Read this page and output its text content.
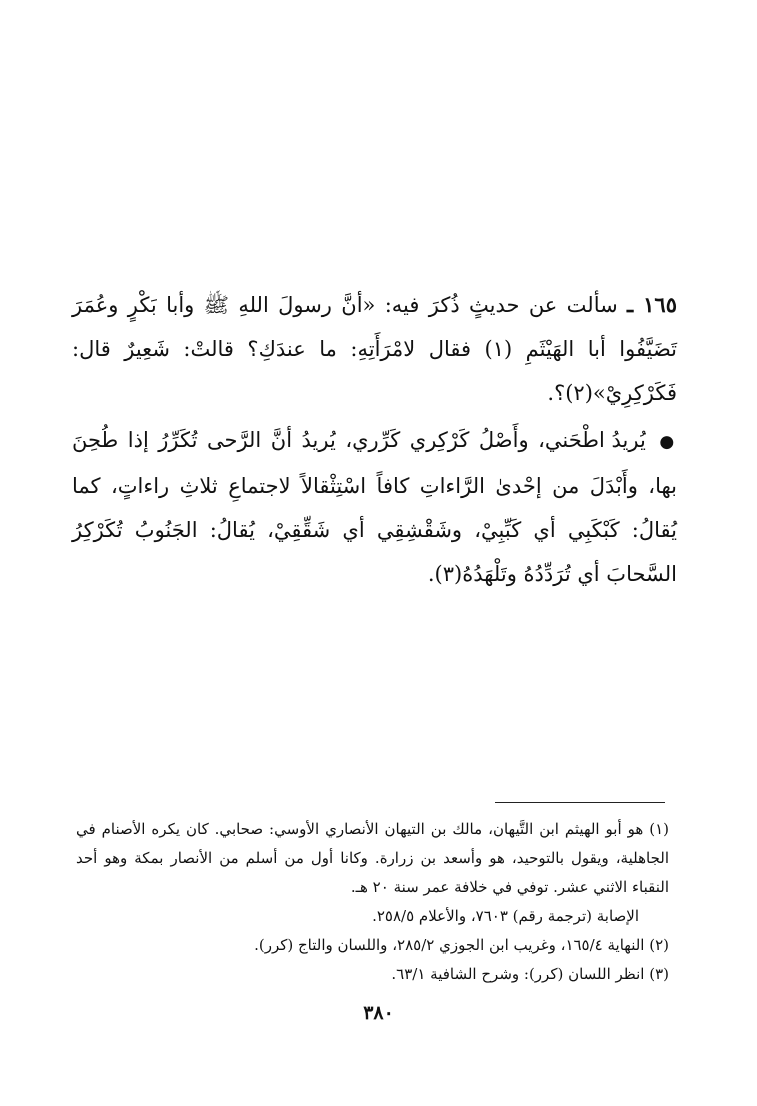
١٦٥ ـ سألت عن حديثٍ ذُكرَ فيه: «أنَّ رسولَ اللهِ ﷺ وأبا بَكْرٍ وعُمَرَ تَضَيَّفُوا أبا الهَيْثَمِ (١) فقال لامْرَأَتِهِ: ما عندَكِ؟ قالتْ: شَعِيرٌ قال: فَكَرْكِرِيْ»(٢)؟.
● يُريدُ اطْحَني، وأَصْلُ كَرْكِري كَرِّري، يُريدُ أنَّ الرَّحى تُكَرِّرُ إذا طُحِنَ بها، وأَبْدَلَ من إحْدىٰ الرَّاءاتِ كافاً اسْتِثْقالاً لاجتماعِ ثلاثِ راءاتٍ، كما يُقالُ: كَبْكَبِي أي كَبِّبِيْ، وشَقْشِقِي أي شَقِّقِيْ، يُقالُ: الجَنُوبُ تُكَرْكِرُ السَّحابَ أي تُرَدِّدُهُ وتَلْهَدُهُ(٣).

(١) هو أبو الهيثم ابن التَّيهان، مالك بن التيهان الأنصاري الأوسي: صحابي. كان يكره الأصنام في الجاهلية، ويقول بالتوحيد، هو وأسعد بن زرارة. وكانا أول من أسلم من الأنصار بمكة وهو أحد النقباء الاثني عشر. توفي في خلافة عمر سنة ٢٠ هـ.

الإصابة (ترجمة رقم) ٧٦٠٣، والأعلام ٢٥٨/٥.

(٢) النهاية ١٦٥/٤، وغريب ابن الجوزي ٢٨٥/٢، واللسان والتاج (كرر).

(٣) انظر اللسان (كرر): وشرح الشافية ٦٣/١.

٣٨٠
